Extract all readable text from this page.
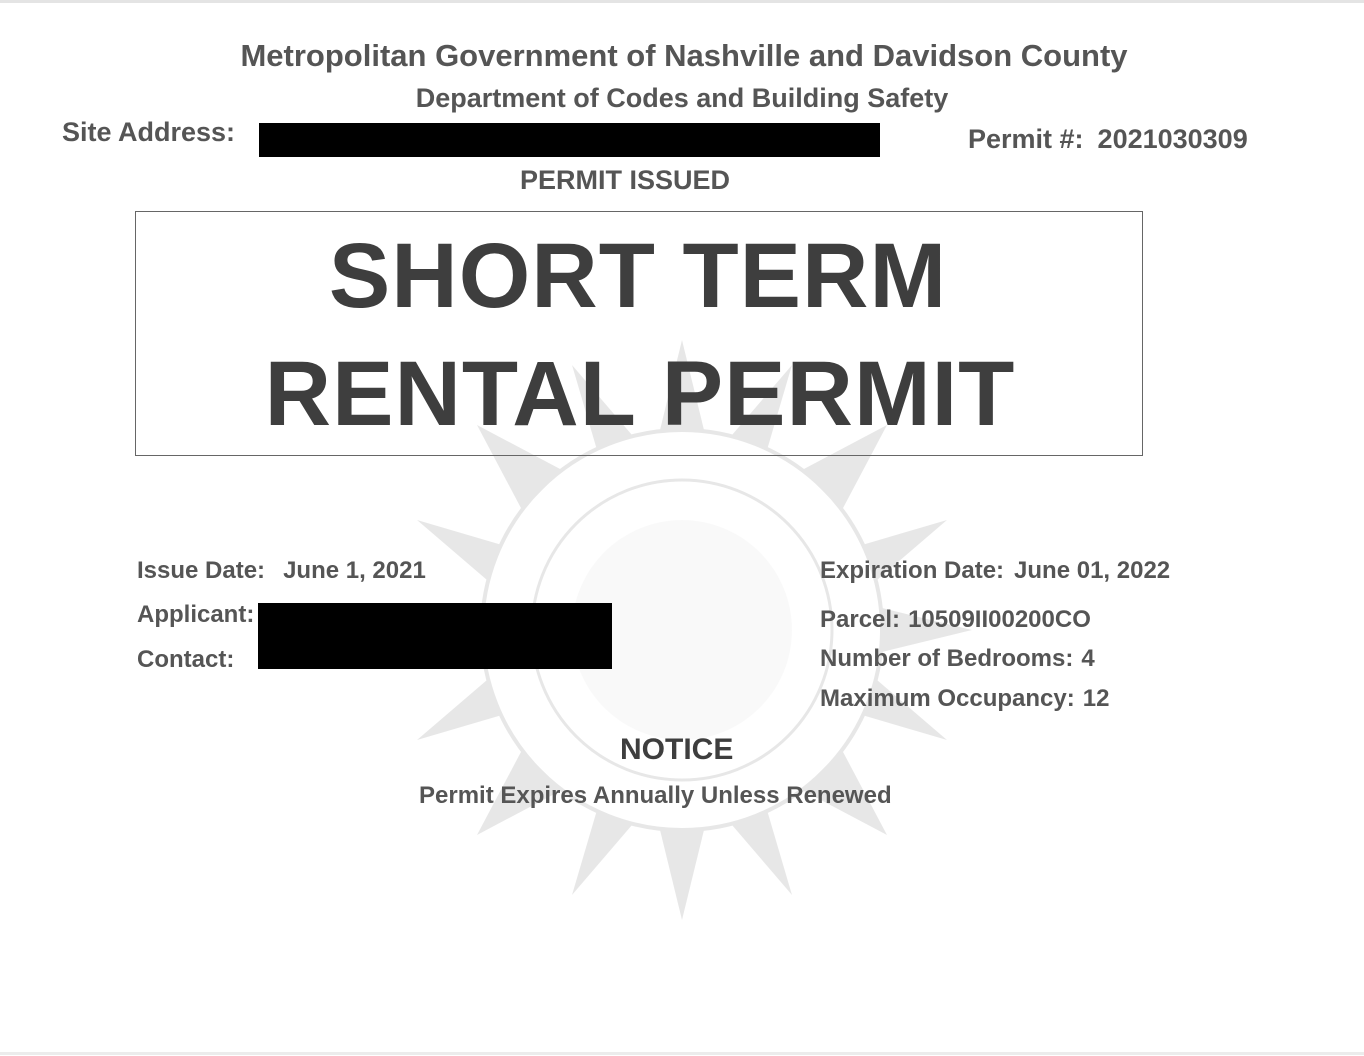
Metropolitan Government of Nashville and Davidson County
Department of Codes and Building Safety
Site Address:	Permit #: 2021030309
PERMIT ISSUED
SHORT TERM
RENTAL PERMIT
Issue Date: June 1, 2021
Applicant:
Contact:
Expiration Date: June 01, 2022
Parcel: 10509II00200CO
Number of Bedrooms: 4
Maximum Occupancy: 12
NOTICE
Permit Expires Annually Unless Renewed
